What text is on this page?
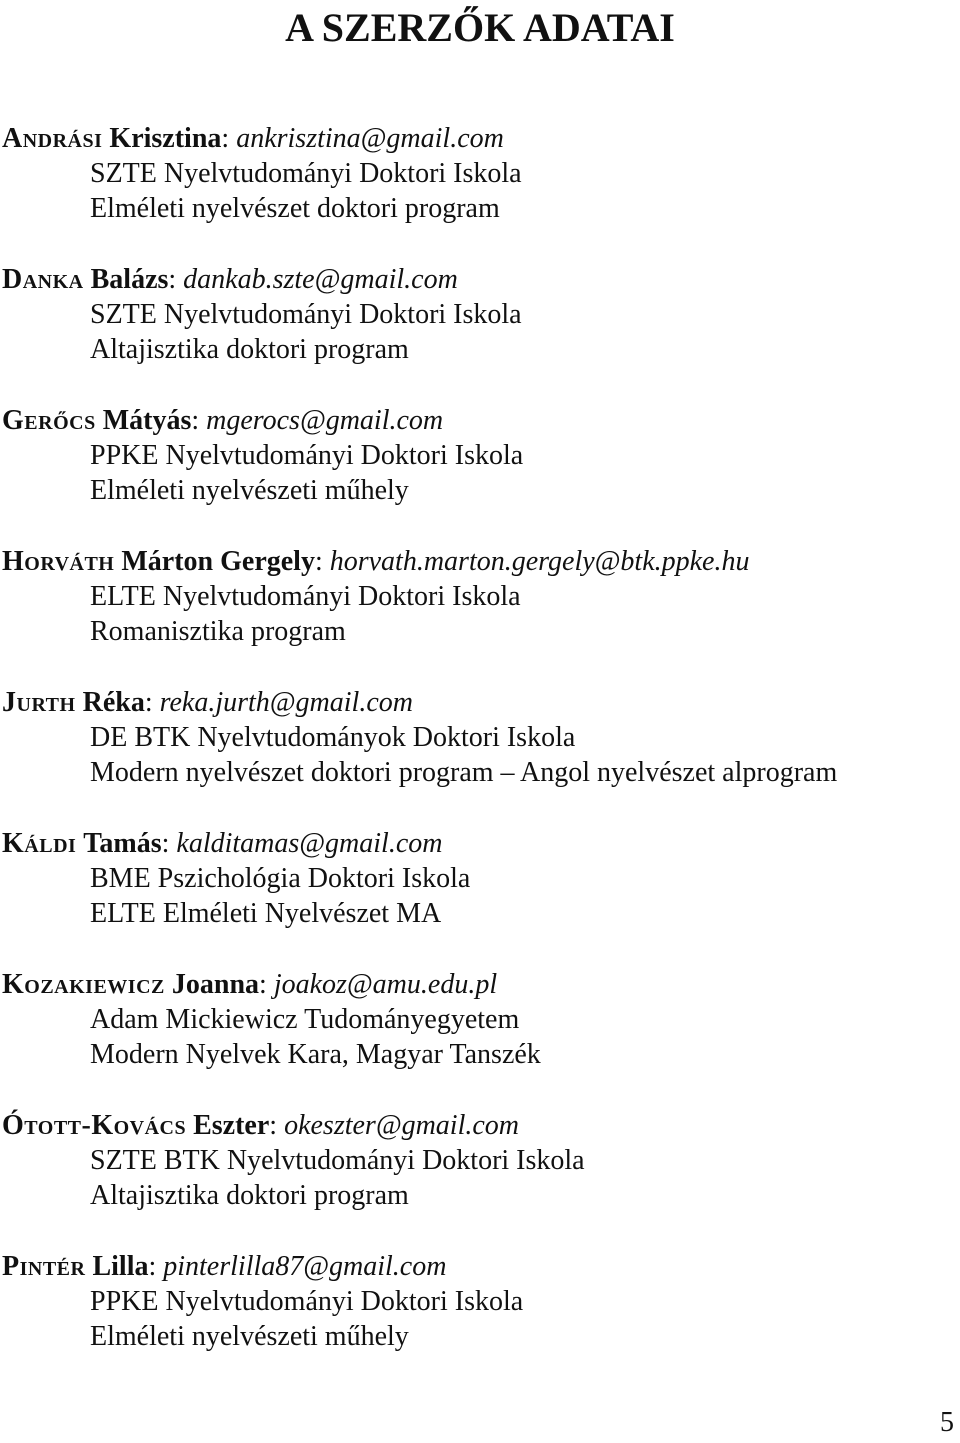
A SZERZŐK ADATAI
Andrási Krisztina: ankrisztina@gmail.com
SZTE Nyelvtudományi Doktori Iskola
Elméleti nyelvészet doktori program
Danka Balázs: dankab.szte@gmail.com
SZTE Nyelvtudományi Doktori Iskola
Altajisztika doktori program
Gerőcs Mátyás: mgerocs@gmail.com
PPKE Nyelvtudományi Doktori Iskola
Elméleti nyelvészeti műhely
Horváth Márton Gergely: horvath.marton.gergely@btk.ppke.hu
ELTE Nyelvtudományi Doktori Iskola
Romanisztika program
Jurth Réka: reka.jurth@gmail.com
DE BTK Nyelvtudományok Doktori Iskola
Modern nyelvészet doktori program – Angol nyelvészet alprogram
Káldi Tamás: kalditamas@gmail.com
BME Pszichológia Doktori Iskola
ELTE Elméleti Nyelvészet MA
Kozakiewicz Joanna: joakoz@amu.edu.pl
Adam Mickiewicz Tudományegyetem
Modern Nyelvek Kara, Magyar Tanszék
Ótott-Kovács Eszter: okeszter@gmail.com
SZTE BTK Nyelvtudományi Doktori Iskola
Altajisztika doktori program
Pintér Lilla: pinterlilla87@gmail.com
PPKE Nyelvtudományi Doktori Iskola
Elméleti nyelvészeti műhely
5
